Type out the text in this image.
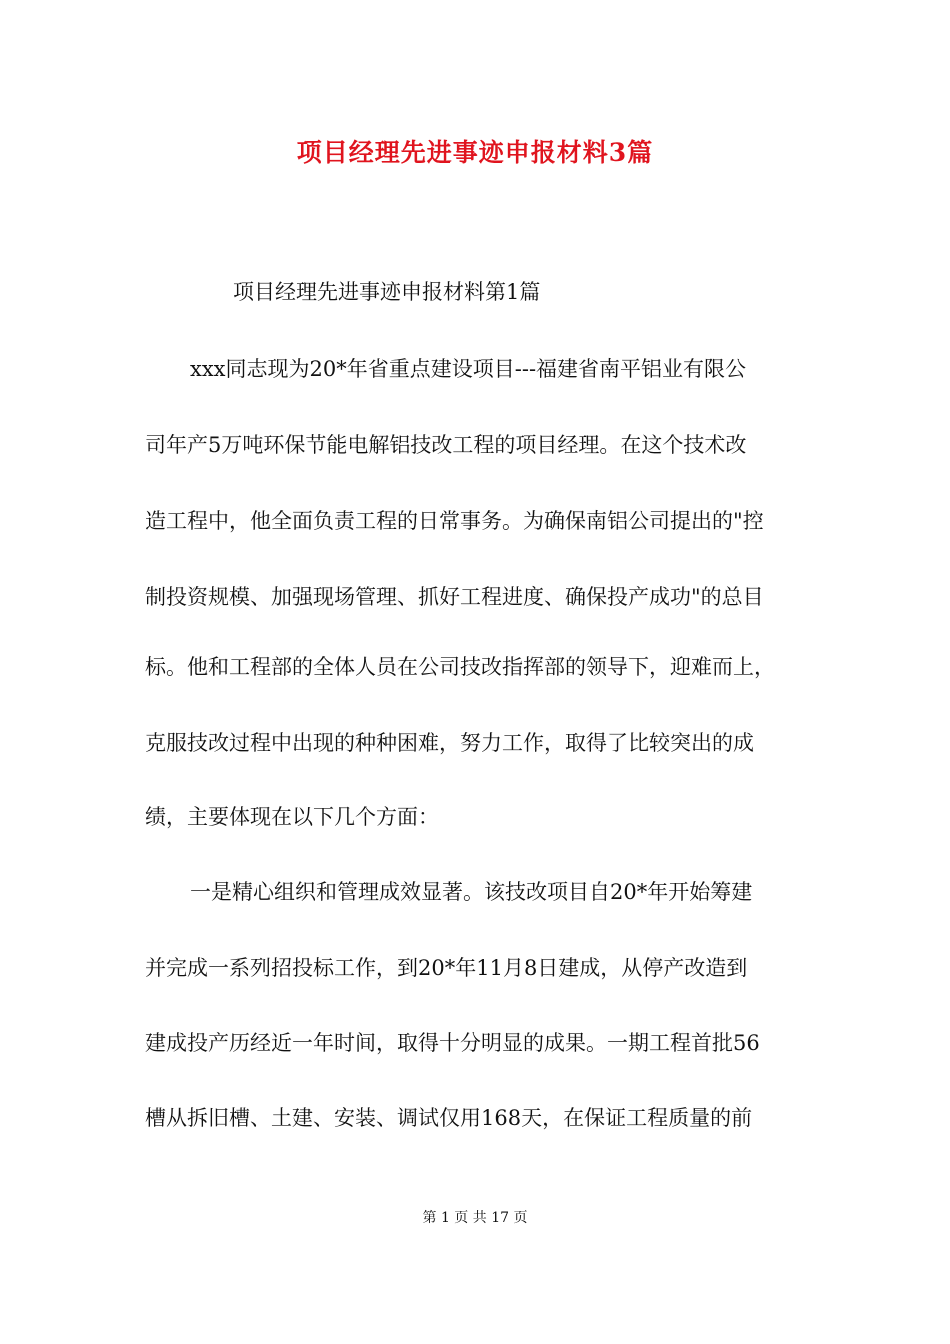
项目经理先进事迹申报材料3篇
项目经理先进事迹申报材料第1篇
xxx同志现为20*年省重点建设项目---福建省南平铝业有限公
司年产5万吨环保节能电解铝技改工程的项目经理。在这个技术改
造工程中，他全面负责工程的日常事务。为确保南铝公司提出的"控
制投资规模、加强现场管理、抓好工程进度、确保投产成功"的总目
标。他和工程部的全体人员在公司技改指挥部的领导下，迎难而上，
克服技改过程中出现的种种困难，努力工作，取得了比较突出的成
绩，主要体现在以下几个方面：
一是精心组织和管理成效显著。该技改项目自20*年开始筹建
并完成一系列招投标工作，到20*年11月8日建成，从停产改造到
建成投产历经近一年时间，取得十分明显的成果。一期工程首批56
槽从拆旧槽、土建、安装、调试仅用168天，在保证工程质量的前
第 1 页 共 17 页
